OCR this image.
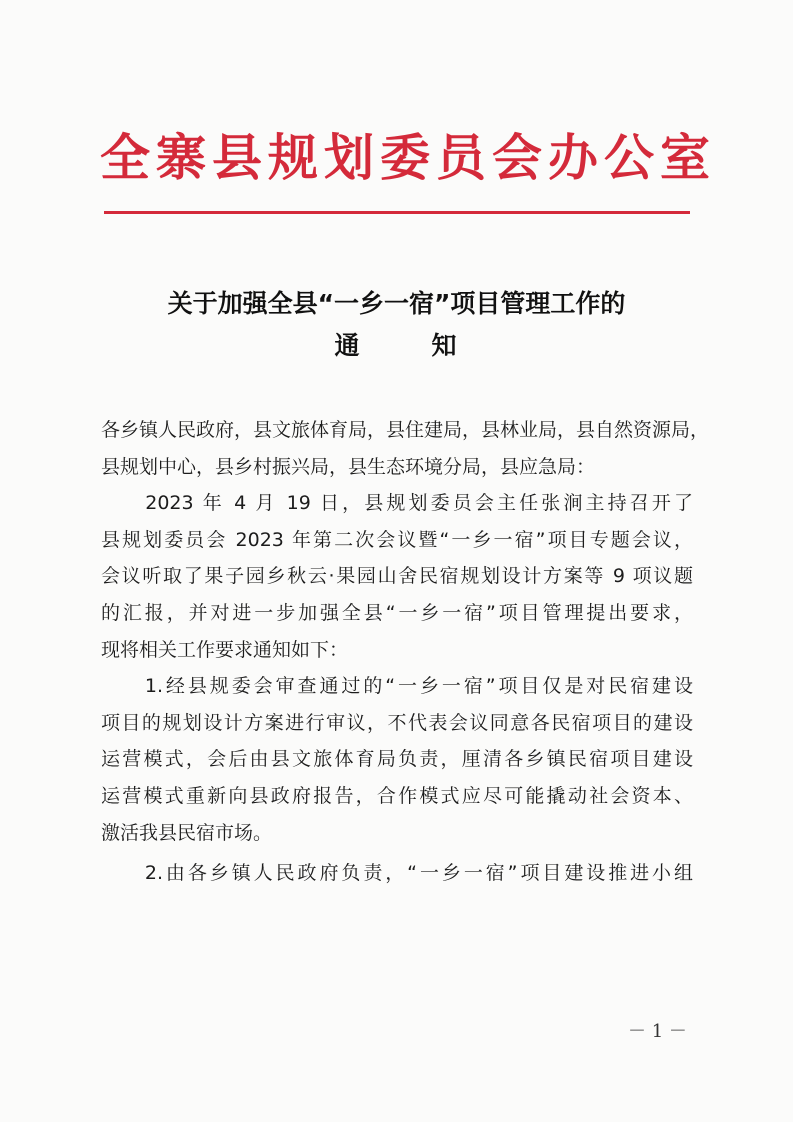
全寨县规划委员会办公室
关于加强全县“一乡一宿”项目管理工作的
通	知

各乡镇人民政府，县文旅体育局，县住建局，县林业局，县自然资源局，
县规划中心，县乡村振兴局，县生态环境分局，县应急局：

　　2023 年 4 月 19 日，县规划委员会主任张涧主持召开了
县规划委员会 2023 年第二次会议暨“一乡一宿”项目专题会议，
会议听取了果子园乡秋云·果园山舍民宿规划设计方案等 9 项议题
的汇报，并对进一步加强全县“一乡一宿”项目管理提出要求，
现将相关工作要求通知如下：

　　1.经县规委会审查通过的“一乡一宿”项目仅是对民宿建设
项目的规划设计方案进行审议，不代表会议同意各民宿项目的建设
运营模式，会后由县文旅体育局负责，厘清各乡镇民宿项目建设
运营模式重新向县政府报告，合作模式应尽可能撬动社会资本、
激活我县民宿市场。

　　2.由各乡镇人民政府负责，“一乡一宿”项目建设推进小组

－ 1 －
